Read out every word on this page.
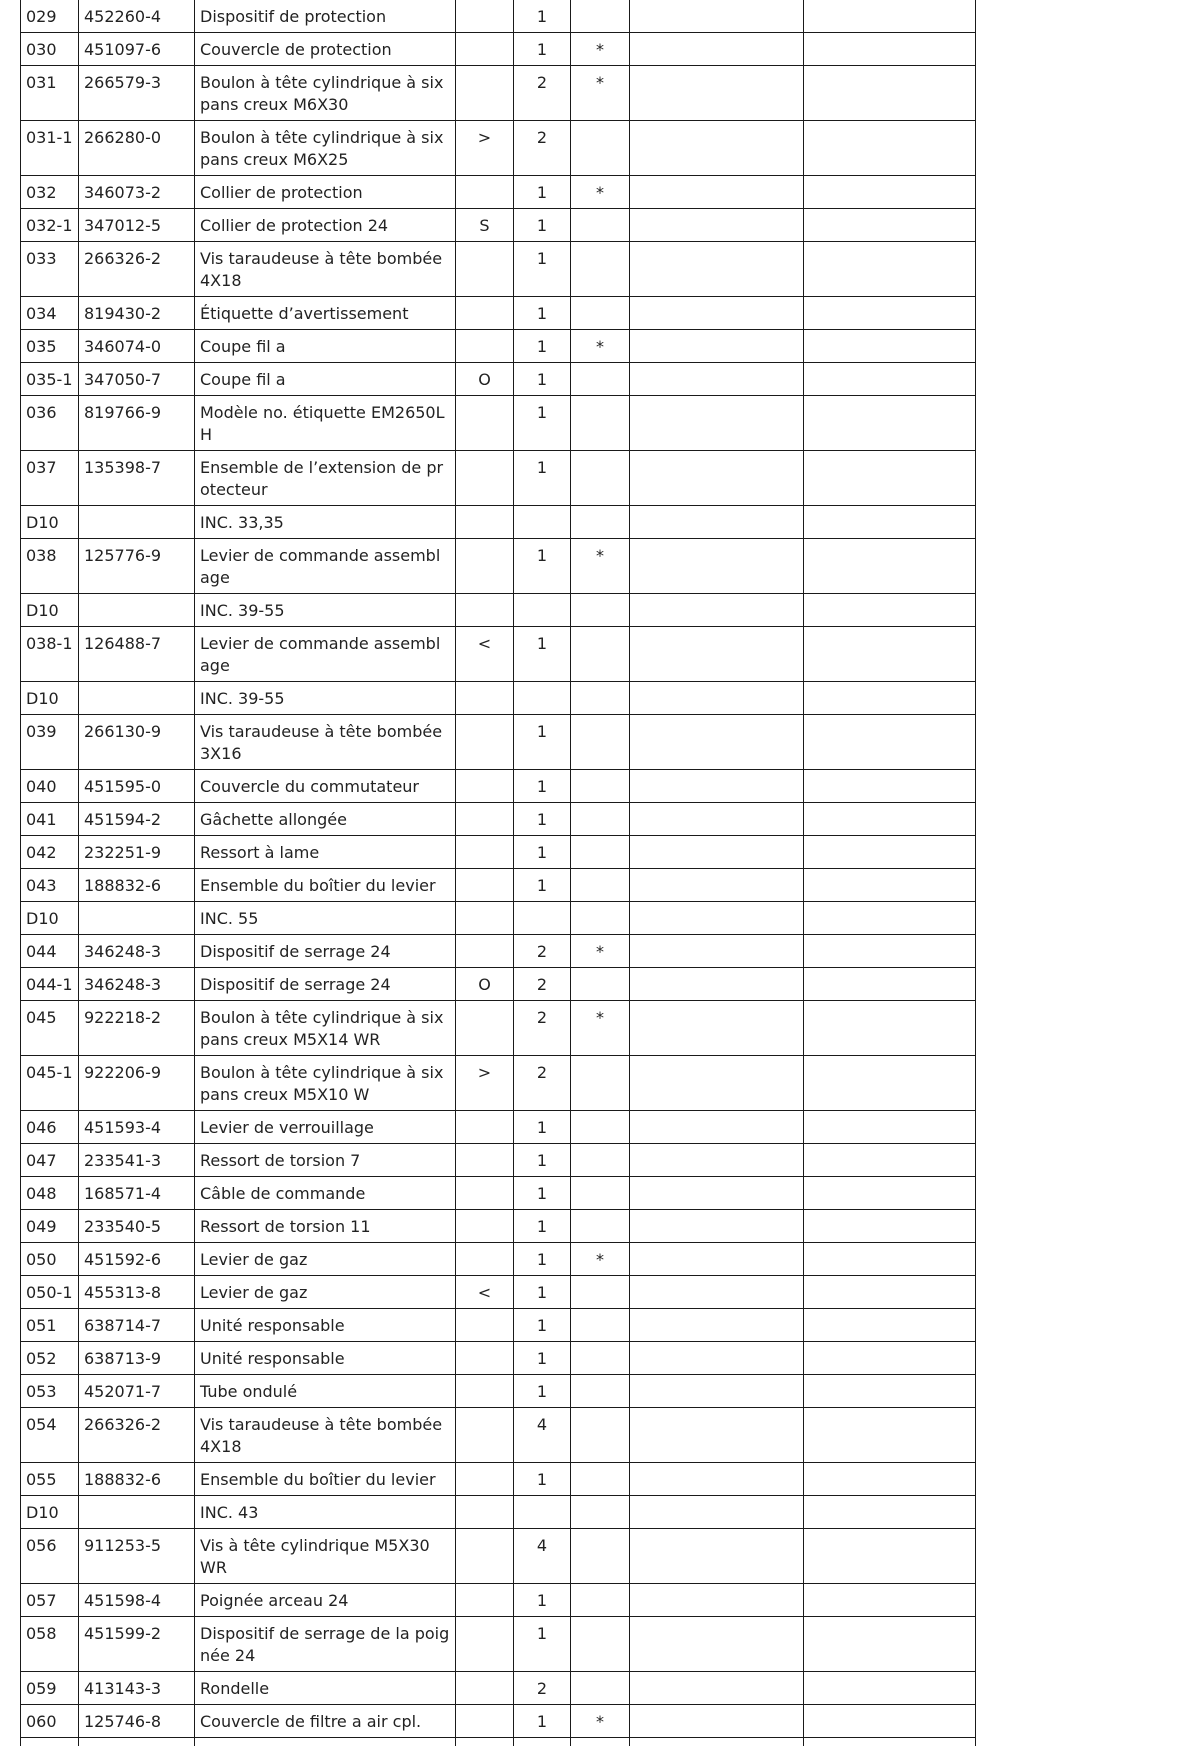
029	452260-4	Dispositif de protection		1			
030	451097-6	Couvercle de protection		1	*		
031	266579-3	Boulon à tête cylindrique à six pans creux M6X30		2	*		
031-1	266280-0	Boulon à tête cylindrique à six pans creux M6X25	>	2			
032	346073-2	Collier de protection		1	*		
032-1	347012-5	Collier de protection 24	S	1			
033	266326-2	Vis taraudeuse à tête bombée 4X18		1			
034	819430-2	Étiquette d’avertissement		1			
035	346074-0	Coupe fil a		1	*		
035-1	347050-7	Coupe fil a	O	1			
036	819766-9	Modèle no. étiquette EM2650LH		1			
037	135398-7	Ensemble de l’extension de protecteur		1			
D10		INC. 33,35					
038	125776-9	Levier de commande assemblage		1	*		
D10		INC. 39-55					
038-1	126488-7	Levier de commande assemblage	<	1			
D10		INC. 39-55					
039	266130-9	Vis taraudeuse à tête bombée 3X16		1			
040	451595-0	Couvercle du commutateur		1			
041	451594-2	Gâchette allongée		1			
042	232251-9	Ressort à lame		1			
043	188832-6	Ensemble du boîtier du levier		1			
D10		INC. 55					
044	346248-3	Dispositif de serrage 24		2	*		
044-1	346248-3	Dispositif de serrage 24	O	2			
045	922218-2	Boulon à tête cylindrique à six pans creux M5X14 WR		2	*		
045-1	922206-9	Boulon à tête cylindrique à six pans creux M5X10 W	>	2			
046	451593-4	Levier de verrouillage		1			
047	233541-3	Ressort de torsion 7		1			
048	168571-4	Câble de commande		1			
049	233540-5	Ressort de torsion 11		1			
050	451592-6	Levier de gaz		1	*		
050-1	455313-8	Levier de gaz	<	1			
051	638714-7	Unité responsable		1			
052	638713-9	Unité responsable		1			
053	452071-7	Tube ondulé		1			
054	266326-2	Vis taraudeuse à tête bombée 4X18		4			
055	188832-6	Ensemble du boîtier du levier		1			
D10		INC. 43					
056	911253-5	Vis à tête cylindrique M5X30 WR		4			
057	451598-4	Poignée arceau 24		1			
058	451599-2	Dispositif de serrage de la poignée 24		1			
059	413143-3	Rondelle		2			
060	125746-8	Couvercle de filtre a air cpl.		1	*		
